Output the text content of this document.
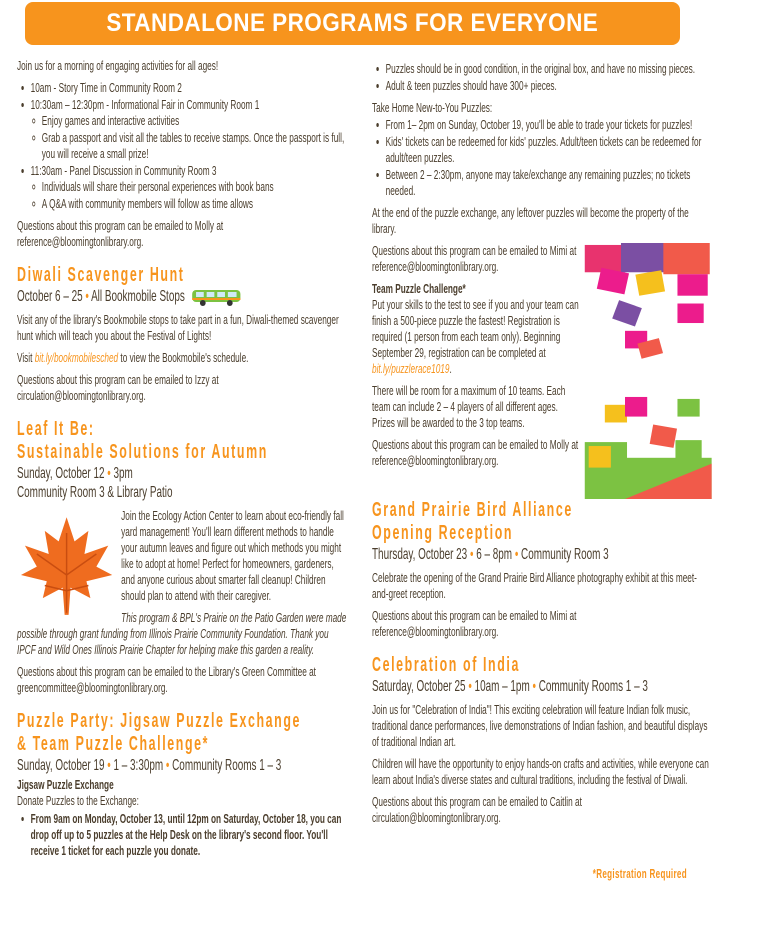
STANDALONE PROGRAMS FOR EVERYONE

Join us for a morning of engaging activities for all ages!

• 10am - Story Time in Community Room 2
• 10:30am – 12:30pm - Informational Fair in Community Room 1
◦ Enjoy games and interactive activities
◦ Grab a passport and visit all the tables to receive stamps. Once the passport is full, you will receive a small prize!
• 11:30am - Panel Discussion in Community Room 3
◦ Individuals will share their personal experiences with book bans
◦ A Q&A with community members will follow as time allows

Questions about this program can be emailed to Molly at reference@bloomingtonlibrary.org.

Diwali Scavenger Hunt
October 6 – 25 • All Bookmobile Stops

Visit any of the library's Bookmobile stops to take part in a fun, Diwali-themed scavenger hunt which will teach you about the Festival of Lights!

Visit bit.ly/bookmobilesched to view the Bookmobile's schedule.

Questions about this program can be emailed to Izzy at circulation@bloomingtonlibrary.org.

Leaf It Be:
Sustainable Solutions for Autumn
Sunday, October 12 • 3pm
Community Room 3 & Library Patio

Join the Ecology Action Center to learn about eco-friendly fall yard management! You'll learn different methods to handle your autumn leaves and figure out which methods you might like to adopt at home! Perfect for homeowners, gardeners, and anyone curious about smarter fall cleanup! Children should plan to attend with their caregiver.

This program & BPL's Prairie on the Patio Garden were made possible through grant funding from Illinois Prairie Community Foundation. Thank you IPCF and Wild Ones Illinois Prairie Chapter for helping make this garden a reality.

Questions about this program can be emailed to the Library's Green Committee at greencommittee@bloomingtonlibrary.org.

Puzzle Party: Jigsaw Puzzle Exchange
& Team Puzzle Challenge*
Sunday, October 19 • 1 – 3:30pm • Community Rooms 1 – 3

Jigsaw Puzzle Exchange

Donate Puzzles to the Exchange:

• From 9am on Monday, October 13, until 12pm on Saturday, October 18, you can drop off up to 5 puzzles at the Help Desk on the library's second floor. You'll receive 1 ticket for each puzzle you donate.
• Puzzles should be in good condition, in the original box, and have no missing pieces.
• Adult & teen puzzles should have 300+ pieces.

Take Home New-to-You Puzzles:

• From 1– 2pm on Sunday, October 19, you'll be able to trade your tickets for puzzles!
• Kids' tickets can be redeemed for kids' puzzles. Adult/teen tickets can be redeemed for adult/teen puzzles.
• Between 2 – 2:30pm, anyone may take/exchange any remaining puzzles; no tickets needed.

At the end of the puzzle exchange, any leftover puzzles will become the property of the library.

Questions about this program can be emailed to Mimi at reference@bloomingtonlibrary.org.

Team Puzzle Challenge*

Put your skills to the test to see if you and your team can finish a 500-piece puzzle the fastest! Registration is required (1 person from each team only). Beginning September 29, registration can be completed at bit.ly/puzzlerace1019.

There will be room for a maximum of 10 teams. Each team can include 2 – 4 players of all different ages. Prizes will be awarded to the 3 top teams.

Questions about this program can be emailed to Molly at reference@bloomingtonlibrary.org.

Grand Prairie Bird Alliance
Opening Reception
Thursday, October 23 • 6 – 8pm • Community Room 3

Celebrate the opening of the Grand Prairie Bird Alliance photography exhibit at this meet-and-greet reception.

Questions about this program can be emailed to Mimi at reference@bloomingtonlibrary.org.

Celebration of India
Saturday, October 25 • 10am – 1pm • Community Rooms 1 – 3

Join us for "Celebration of India"! This exciting celebration will feature Indian folk music, traditional dance performances, live demonstrations of Indian fashion, and beautiful displays of traditional Indian art.

Children will have the opportunity to enjoy hands-on crafts and activities, while everyone can learn about India's diverse states and cultural traditions, including the festival of Diwali.

Questions about this program can be emailed to Caitlin at circulation@bloomingtonlibrary.org.

*Registration Required
